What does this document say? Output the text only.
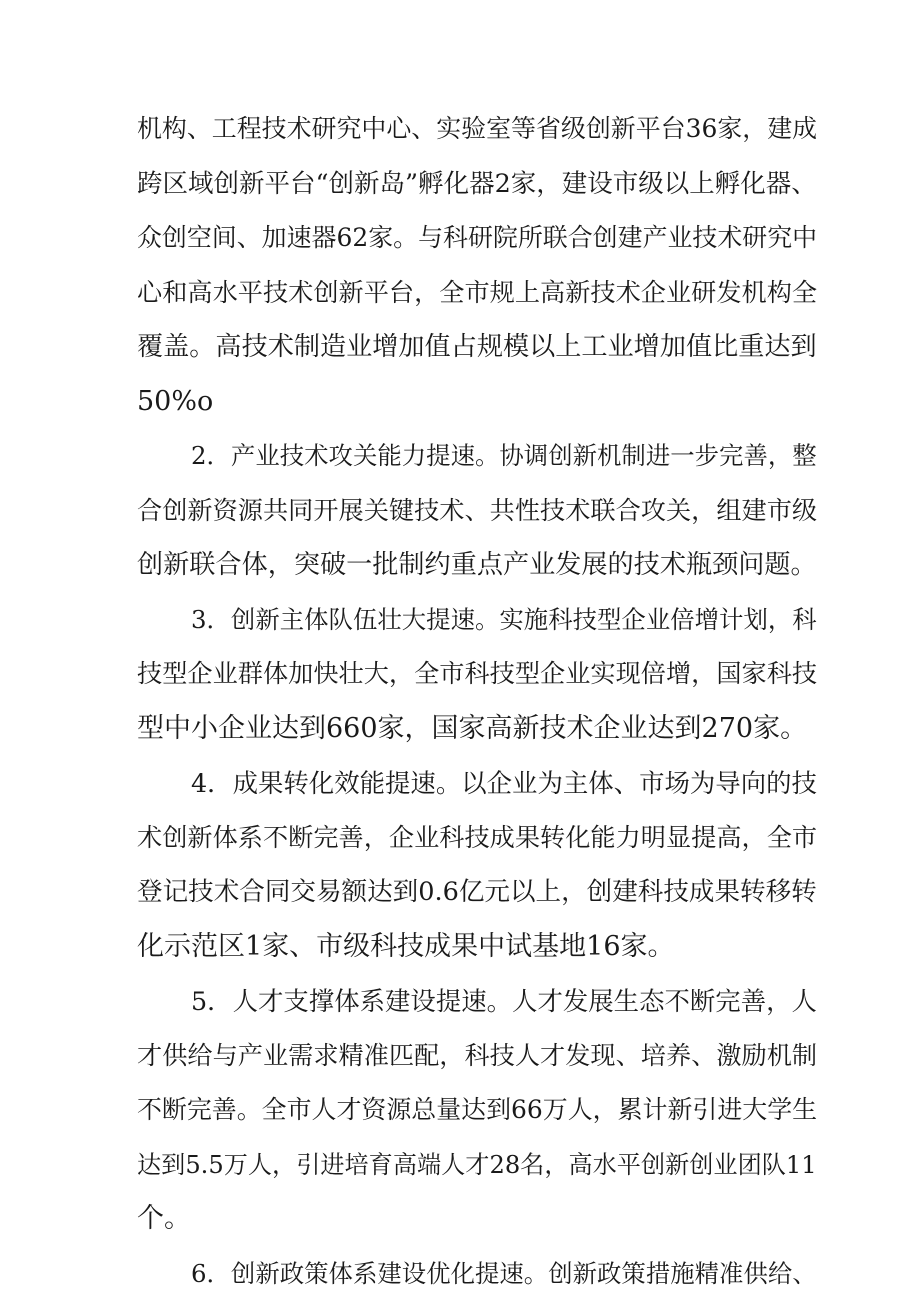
机构、工程技术研究中心、实验室等省级创新平台36家，建成
跨区域创新平台“创新岛”孵化器2家，建设市级以上孵化器、
众创空间、加速器62家。与科研院所联合创建产业技术研究中
心和高水平技术创新平台，全市规上高新技术企业研发机构全
覆盖。高技术制造业增加值占规模以上工业增加值比重达到
50%o
2．产业技术攻关能力提速。协调创新机制进一步完善，整
合创新资源共同开展关键技术、共性技术联合攻关，组建市级
创新联合体，突破一批制约重点产业发展的技术瓶颈问题。
3．创新主体队伍壮大提速。实施科技型企业倍增计划，科
技型企业群体加快壮大，全市科技型企业实现倍增，国家科技
型中小企业达到660家，国家高新技术企业达到270家。
4．成果转化效能提速。以企业为主体、市场为导向的技
术创新体系不断完善，企业科技成果转化能力明显提高，全市
登记技术合同交易额达到0.6亿元以上，创建科技成果转移转
化示范区1家、市级科技成果中试基地16家。
5．人才支撑体系建设提速。人才发展生态不断完善，人
才供给与产业需求精准匹配，科技人才发现、培养、激励机制
不断完善。全市人才资源总量达到66万人，累计新引进大学生
达到5.5万人，引进培育高端人才28名，高水平创新创业团队11
个。
6．创新政策体系建设优化提速。创新政策措施精准供给、
